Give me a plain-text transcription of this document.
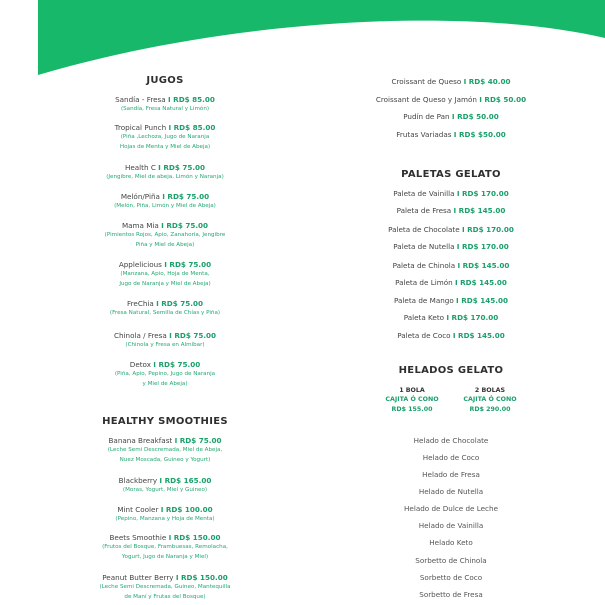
JUGOS
Sandía - Fresa I RD$ 85.00
(Sandía, Fresa Natural y Limón)
Tropical Punch I RD$ 85.00
(Piña ,Lechoza, Jugo de Naranja
Hojas de Menta y Miel de Abeja)
Health C I RD$ 75.00
(Jengibre, Miel de abeja, Limón y Naranja)
Melón/Piña I RD$ 75.00
(Melón, Piña, Limón y Miel de Abeja)
Mama Mia I RD$ 75.00
(Pimientos Rojos, Apio, Zanahoria, Jengibre
Piña y Miel de Abeja)
Applelicious I RD$ 75.00
(Manzana, Apio, Hoja de Menta,
Jugo de Naranja y Miel de Abeja)
FreChia I RD$ 75.00
(Fresa Natural, Semilla de Chías y Piña)
Chinola / Fresa I RD$ 75.00
(Chinola y Fresa en Almíbar)
Detox I RD$ 75.00
(Piña, Apio, Pepino, Jugo de Naranja
y Miel de Abeja)
HEALTHY SMOOTHIES
Banana Breakfast I RD$ 75.00
(Leche Semi Descremada, Miel de Abeja,
Nuez Moscada, Guineo y Yogurt)
Blackberry I RD$ 165.00
(Moras, Yogurt, Miel y Guineo)
Mint Cooler I RD$ 100.00
(Pepino, Manzana y Hoja de Menta)
Beets Smoothie I RD$ 150.00
(Frutos del Bosque, Frambuesas, Remolacha,
Yogurt, Jugo de Naranja y Miel)
Peanut Butter Berry I RD$ 150.00
(Leche Semi Descremada, Guineo, Mantequilla
de Maní y Frutas del Bosque)
Croissant de Queso I RD$ 40.00
Croissant de Queso y Jamón I RD$ 50.00
Pudín de Pan I RD$ 50.00
Frutas Variadas I RD$ $50.00
PALETAS GELATO
Paleta de Vainilla I RD$ 170.00
Paleta de Fresa I RD$ 145.00
Paleta de Chocolate I RD$ 170.00
Paleta de Nutella I RD$ 170.00
Paleta de Chinola I RD$ 145.00
Paleta de Limón I RD$ 145.00
Paleta de Mango I RD$ 145.00
Paleta Keto I RD$ 170.00
Paleta de Coco I RD$ 145.00
HELADOS GELATO
1 BOLA
CAJITA Ó CONO
RD$ 155.00
2 BOLAS
CAJITA Ó CONO
RD$ 290.00
Helado de Chocolate
Helado de Coco
Helado de Fresa
Helado de Nutella
Helado de Dulce de Leche
Helado de Vainilla
Helado Keto
Sorbetto de Chinola
Sorbetto de Coco
Sorbetto de Fresa
